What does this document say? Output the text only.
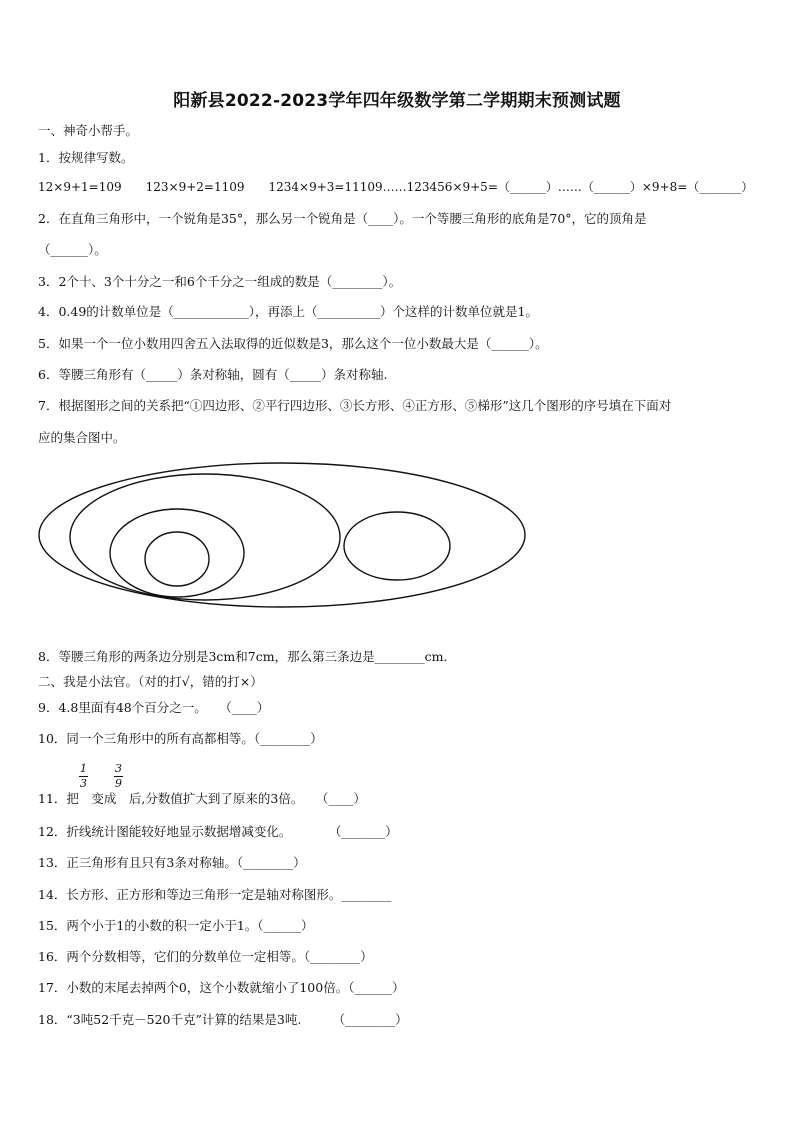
阳新县2022-2023学年四年级数学第二学期期末预测试题
一、神奇小帮手。
1．按规律写数。
12×9+1=109　　123×9+2=1109　　1234×9+3=11109……123456×9+5=（______）……（______）×9+8=（_______）
2．在直角三角形中，一个锐角是35°，那么另一个锐角是（____）。一个等腰三角形的底角是70°，它的顶角是
（______）。
3．2个十、3个十分之一和6个千分之一组成的数是（________）。
4．0.49的计数单位是（____________），再添上（__________）个这样的计数单位就是1。
5．如果一个一位小数用四舍五入法取得的近似数是3，那么这个一位小数最大是（______）。
6．等腰三角形有（_____）条对称轴，圆有（_____）条对称轴.
7．根据图形之间的关系把“①四边形、②平行四边形、③长方形、④正方形、⑤梯形”这几个图形的序号填在下面对
应的集合图中。
8．等腰三角形的两条边分别是3cm和7cm，那么第三条边是________cm.
二、我是小法官。（对的打√，错的打×）
9．4.8里面有48个百分之一。　　（____）
10．同一个三角形中的所有高都相等。（________）
1
3
3
9
11．把　变成　后,分数值扩大到了原来的3倍。　　（____）
12．折线统计图能较好地显示数据增减变化。　　　　（_______）
13．正三角形有且只有3条对称轴。（________）
14．长方形、正方形和等边三角形一定是轴对称图形。________
15．两个小于1的小数的积一定小于1。（______）
16．两个分数相等，它们的分数单位一定相等。（________）
17．小数的末尾去掉两个0，这个小数就缩小了100倍。（______）
18．“3吨52千克－520千克”计算的结果是3吨.　　　（________）
